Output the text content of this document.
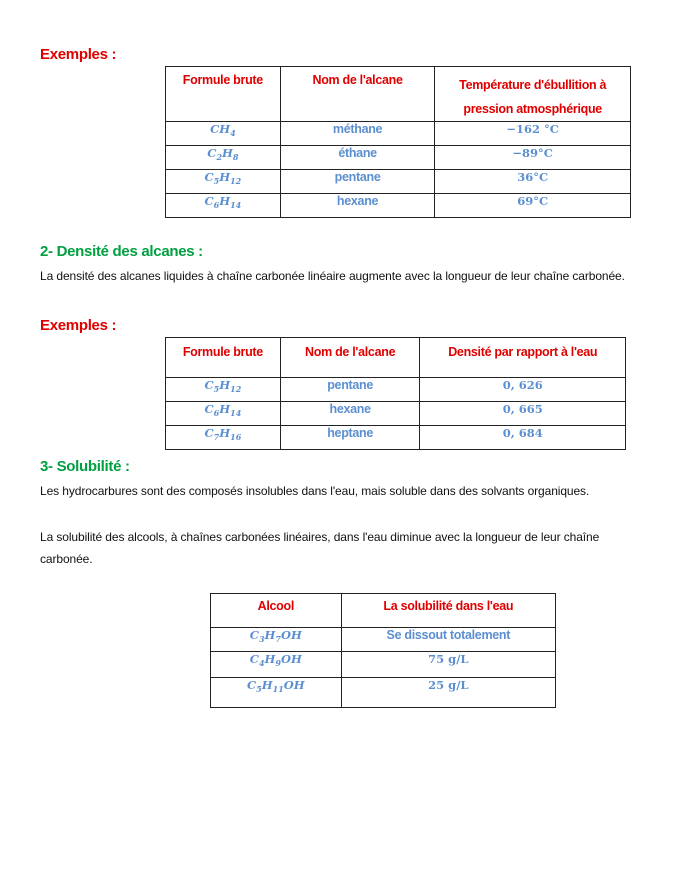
Exemples :
Formule brute	Nom de l'alcane	Température d'ébullition à pression atmosphérique
$CH_4$	méthane	−162 °C
$C_2H_8$	éthane	−89°C
$C_5H_{12}$	pentane	36°C
$C_6H_{14}$	hexane	69°C
2- Densité des alcanes :
La densité des alcanes liquides à chaîne carbonée linéaire augmente avec la longueur de leur chaîne carbonée.
Exemples :
Formule brute	Nom de l'alcane	Densité par rapport à l'eau
$C_5H_{12}$	pentane	0, 626
$C_6H_{14}$	hexane	0, 665
$C_7H_{16}$	heptane	0, 684
3- Solubilité :
Les hydrocarbures sont des composés insolubles dans l'eau, mais soluble dans des solvants organiques.
La solubilité des alcools, à chaînes carbonées linéaires, dans l'eau diminue avec la longueur de leur chaîne carbonée.
Alcool	La solubilité dans l'eau
$C_3H_7OH$	Se dissout totalement
$C_4H_9OH$	75 g/L
$C_5H_{11}OH$	25 g/L
